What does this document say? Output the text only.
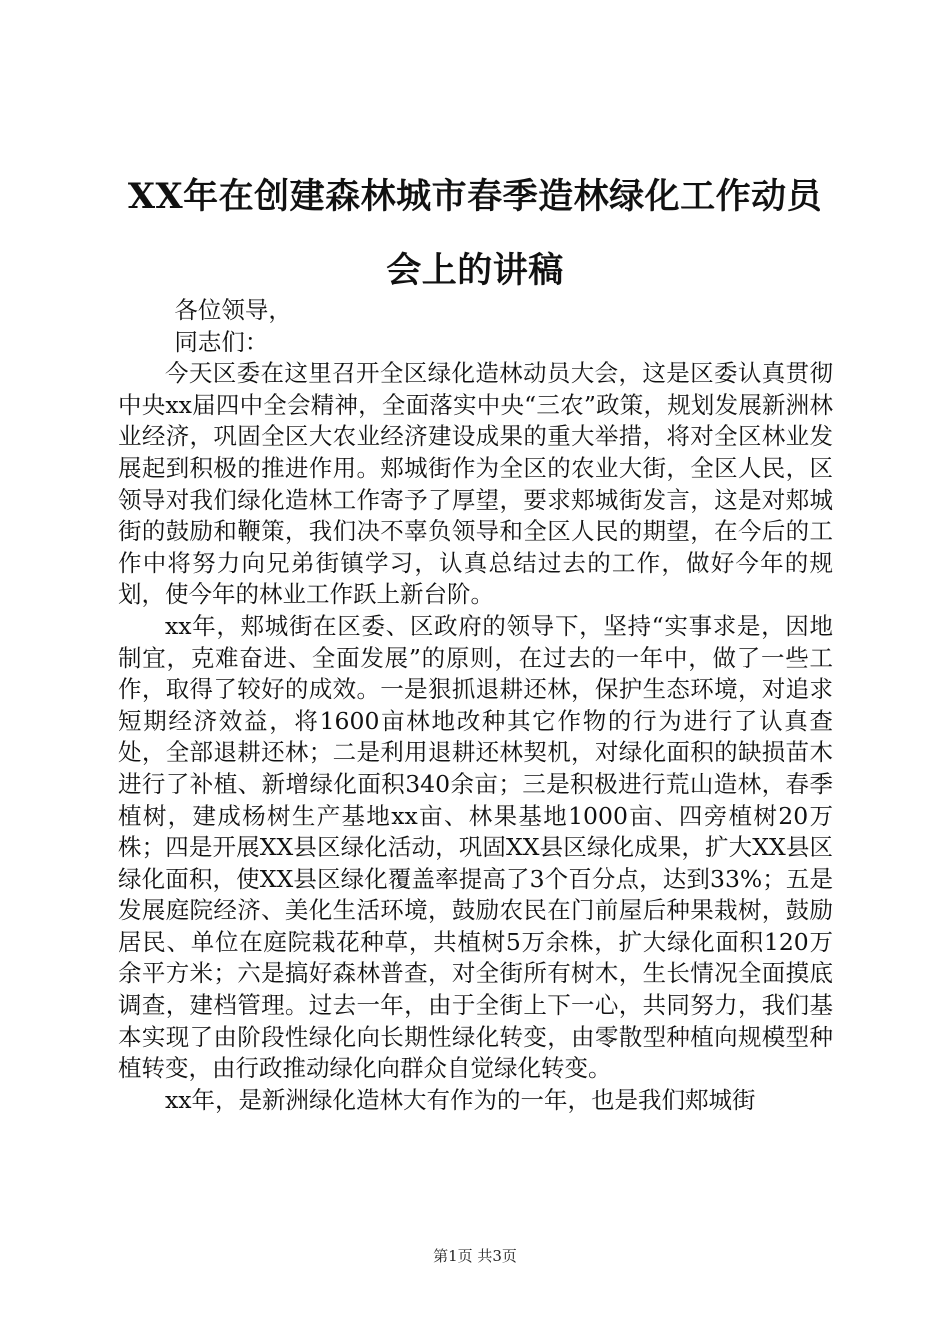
XX年在创建森林城市春季造林绿化工作动员
会上的讲稿

各位领导，

同志们：

今天区委在这里召开全区绿化造林动员大会，这是区委认真贯彻中央xx届四中全会精神，全面落实中央“三农”政策，规划发展新洲林业经济，巩固全区大农业经济建设成果的重大举措，将对全区林业发展起到积极的推进作用。郏城街作为全区的农业大街，全区人民，区领导对我们绿化造林工作寄予了厚望，要求郏城街发言，这是对郏城街的鼓励和鞭策，我们决不辜负领导和全区人民的期望，在今后的工作中将努力向兄弟街镇学习，认真总结过去的工作，做好今年的规划，使今年的林业工作跃上新台阶。

xx年，郏城街在区委、区政府的领导下，坚持“实事求是，因地制宜，克难奋进、全面发展”的原则，在过去的一年中，做了一些工作，取得了较好的成效。一是狠抓退耕还林，保护生态环境，对追求短期经济效益，将1600亩林地改种其它作物的行为进行了认真查处，全部退耕还林；二是利用退耕还林契机，对绿化面积的缺损苗木进行了补植、新增绿化面积340余亩；三是积极进行荒山造林，春季植树，建成杨树生产基地xx亩、林果基地1000亩、四旁植树20万株；四是开展XX县区绿化活动，巩固XX县区绿化成果，扩大XX县区绿化面积，使XX县区绿化覆盖率提高了3个百分点，达到33%；五是发展庭院经济、美化生活环境，鼓励农民在门前屋后种果栽树，鼓励居民、单位在庭院栽花种草，共植树5万余株，扩大绿化面积120万余平方米；六是搞好森林普查，对全街所有树木，生长情况全面摸底调查，建档管理。过去一年，由于全街上下一心，共同努力，我们基本实现了由阶段性绿化向长期性绿化转变，由零散型种植向规模型种植转变，由行政推动绿化向群众自觉绿化转变。

xx年，是新洲绿化造林大有作为的一年，也是我们郏城街

第1页 共3页
